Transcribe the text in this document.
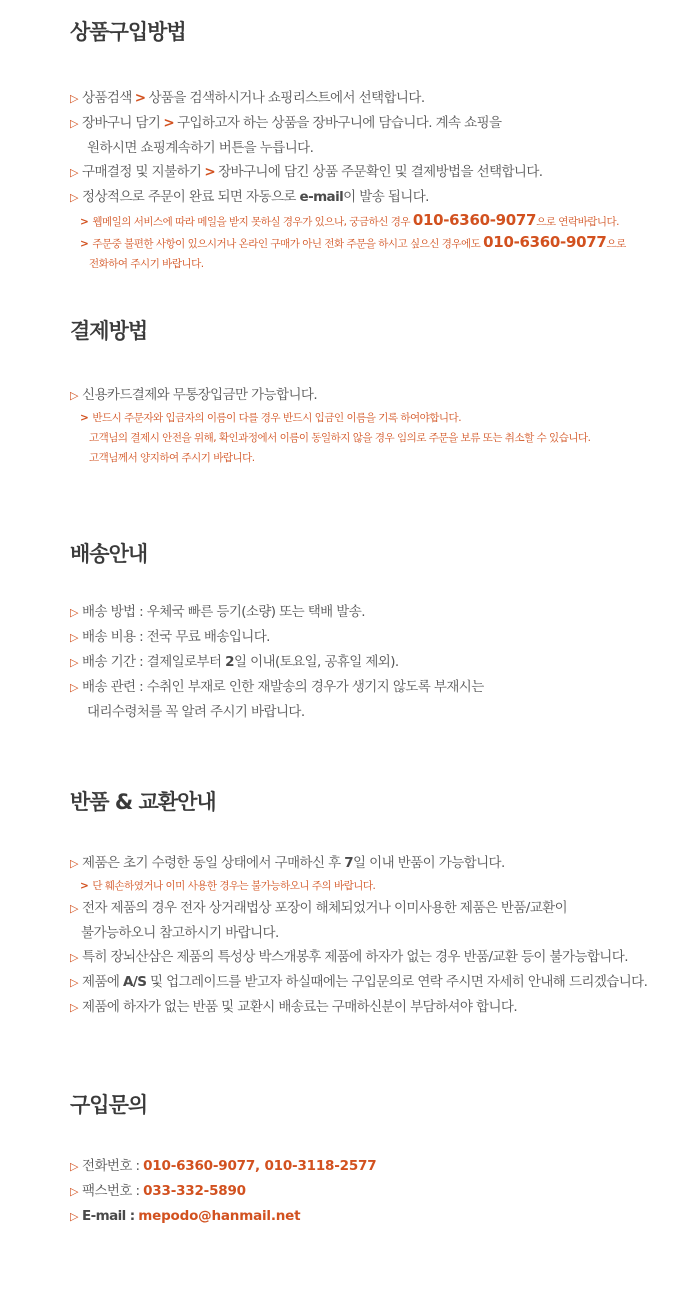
상품구입방법
▷ 상품검색 > 상품을 검색하시거나 쇼핑리스트에서 선택합니다.
▷ 장바구니 담기 > 구입하고자 하는 상품을 장바구니에 담습니다. 계속 쇼핑을
원하시면 쇼핑계속하기 버튼을 누릅니다.
▷ 구매결정 및 지불하기 > 장바구니에 담긴 상품 주문확인 및 결제방법을 선택합니다.
▷ 정상적으로 주문이 완료 되면 자동으로 e-mail이 발송 됩니다.
> 웹메일의 서비스에 따라 메일을 받지 못하실 경우가 있으나, 궁금하신 경우 010-6360-9077으로 연락바랍니다.
> 주문중 불편한 사항이 있으시거나 온라인 구매가 아닌 전화 주문을 하시고 싶으신 경우에도 010-6360-9077으로
전화하여 주시기 바랍니다.
결제방법
▷ 신용카드결제와 무통장입금만 가능합니다.
> 반드시 주문자와 입금자의 이름이 다를 경우 반드시 입금인 이름을 기록 하여야합니다.
고객님의 결제시 안전을 위해, 확인과정에서 이름이 동일하지 않을 경우 임의로 주문을 보류 또는 취소할 수 있습니다.
고객님께서 양지하여 주시기 바랍니다.
배송안내
▷ 배송 방법 : 우체국 빠른 등기(소량) 또는 택배 발송.
▷ 배송 비용 : 전국 무료 배송입니다.
▷ 배송 기간 : 결제일로부터 2일 이내(토요일, 공휴일 제외).
▷ 배송 관련 : 수취인 부재로 인한 재발송의 경우가 생기지 않도록 부재시는
대리수령처를 꼭 알려 주시기 바랍니다.
반품 & 교환안내
▷ 제품은 초기 수령한 동일 상태에서 구매하신 후 7일 이내 반품이 가능합니다.
> 단 훼손하였거나 이미 사용한 경우는 불가능하오니 주의 바랍니다.
▷ 전자 제품의 경우 전자 상거래법상 포장이 해체되었거나 이미사용한 제품은 반품/교환이
불가능하오니 참고하시기 바랍니다.
▷ 특히 장뇌산삼은 제품의 특성상 박스개봉후 제품에 하자가 없는 경우 반품/교환 등이 불가능합니다.
▷ 제품에 A/S 및 업그레이드를 받고자 하실때에는 구입문의로 연락 주시면 자세히 안내해 드리겠습니다.
▷ 제품에 하자가 없는 반품 및 교환시 배송료는 구매하신분이 부담하셔야 합니다.
구입문의
▷ 전화번호 : 010-6360-9077, 010-3118-2577
▷ 팩스번호 : 033-332-5890
▷ E-mail : mepodo@hanmail.net
